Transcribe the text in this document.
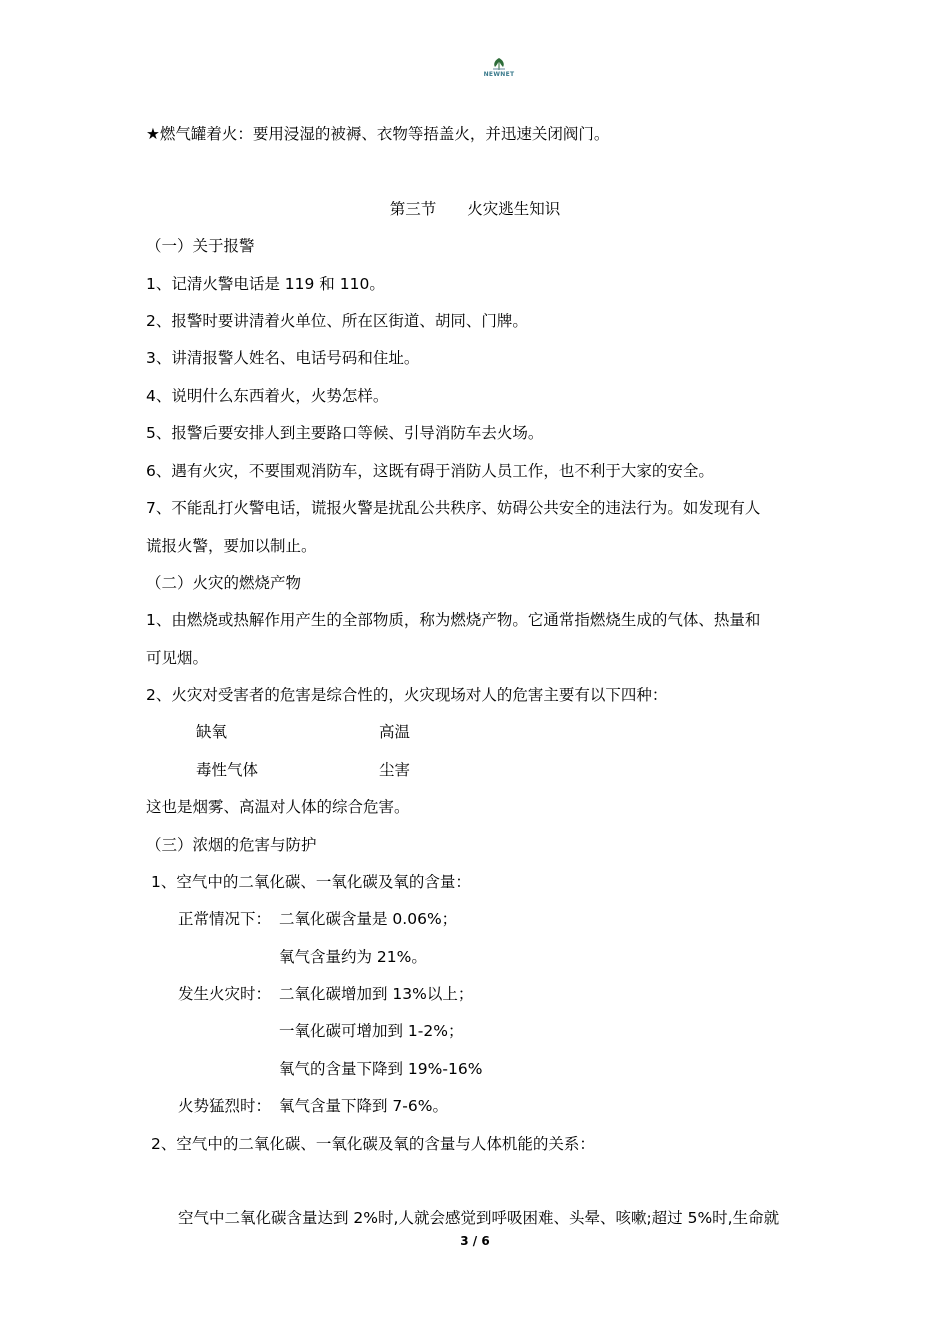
NEWNET
★燃气罐着火：要用浸湿的被褥、衣物等捂盖火，并迅速关闭阀门。
第三节　　火灾逃生知识
（一）关于报警
1、记清火警电话是 119 和 110。
2、报警时要讲清着火单位、所在区街道、胡同、门牌。
3、讲清报警人姓名、电话号码和住址。
4、说明什么东西着火，火势怎样。
5、报警后要安排人到主要路口等候、引导消防车去火场。
6、遇有火灾，不要围观消防车，这既有碍于消防人员工作，也不利于大家的安全。
7、不能乱打火警电话，谎报火警是扰乱公共秩序、妨碍公共安全的违法行为。如发现有人
谎报火警，要加以制止。
（二）火灾的燃烧产物
1、由燃烧或热解作用产生的全部物质，称为燃烧产物。它通常指燃烧生成的气体、热量和
可见烟。
2、火灾对受害者的危害是综合性的，火灾现场对人的危害主要有以下四种：
缺氧	高温
毒性气体	尘害
这也是烟雾、高温对人体的综合危害。
（三）浓烟的危害与防护
1、空气中的二氧化碳、一氧化碳及氧的含量：
正常情况下： 二氧化碳含量是 0.06%；
氧气含量约为 21%。
发生火灾时： 二氧化碳增加到 13%以上；
一氧化碳可增加到 1-2%；
氧气的含量下降到 19%-16%
火势猛烈时： 氧气含量下降到 7-6%。
2、空气中的二氧化碳、一氧化碳及氧的含量与人体机能的关系：
空气中二氧化碳含量达到 2%时,人就会感觉到呼吸困难、头晕、咳嗽;超过 5%时,生命就
3 / 6
